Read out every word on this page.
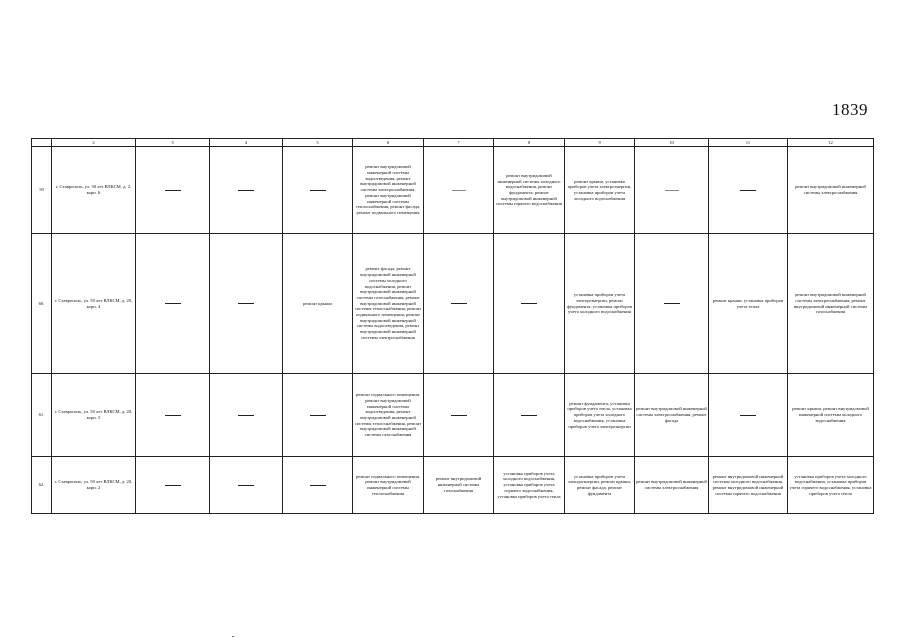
1839
	2	3	4	5	6	7	8	9	10	11	12
59	г. Ставрополь, ул. 50 лет ВЛКСМ, д. 2, корп. 6				ремонт внутридомовой инженерной системы водоотведения, ремонт внутридомовой инженерной системы электроснабжения, ремонт внутридомовой инженерной системы теплоснабжения, ремонт фасада, ремонт подвального помещения		ремонт внутридомовой инженерной системы холодного водоснабжения, ремонт фундамента, ремонт внутридомовой инженерной системы горячего водоснабжения	ремонт крыши, установка приборов учета электроэнергии, установка приборов учета холодного водоснабжения			ремонт внутридомовой инженерной системы электроснабжения
60.	г. Ставрополь, ул. 50 лет ВЛКСМ, д. 20, корп. 4			ремонт крыши	ремонт фасада, ремонт внутридомовой инженерной системы холодного водоснабжения, ремонт внутридомовой инженерной системы газоснабжения, ремонт внутридомовой инженерной системы теплоснабжения, ремонт подвального помещения, ремонт внутридомовой инженерной системы водоотведения, ремонт внутридомовой инженерной системы электроснабжения			установка приборов учета электроэнергии, ремонт фундамента, установка приборов учета холодного водоснабжения		ремонт крыши, установка приборов учета тепла	ремонт внутридомовой инженерной системы электроснабжения, ремонт внутридомовой инженерной системы газоснабжения
61.	г. Ставрополь, ул. 50 лет ВЛКСМ, д. 20, корп. 5				ремонт подвального помещения, ремонт внутридомовой инженерной системы водоотведения, ремонт внутридомовой инженерной системы теплоснабжения, ремонт внутридомовой инженерной системы газоснабжения			ремонт фундамента, установка приборов учета тепла, установка приборов учета холодного водоснабжения, установка приборов учета электроэнергии	ремонт внутридомовой инженерной системы электроснабжения, ремонт фасада		ремонт крыши, ремонт внутридомовой инженерной системы холодного водоснабжения
62.	г. Ставрополь, ул. 50 лет ВЛКСМ, д. 20, корп. 2				ремонт подвального помещения, ремонт внутридомовой инженерной системы теплоснабжения	ремонт внутридомовой инженерной системы газоснабжения	установка приборов учета холодного водоснабжения, установка приборов учета горячего водоснабжения, установка приборов учета тепла	установка приборов учета электроэнергии, ремонт крыши, ремонт фасада, ремонт фундамента	ремонт внутридомовой инженерной системы электроснабжения	ремонт внутридомовой инженерной системы холодного водоснабжения, ремонт внутридомовой инженерной системы горячего водоснабжения	установка приборов учета холодного водоснабжения, установка приборов учета горячего водоснабжения, установка приборов учета тепла
